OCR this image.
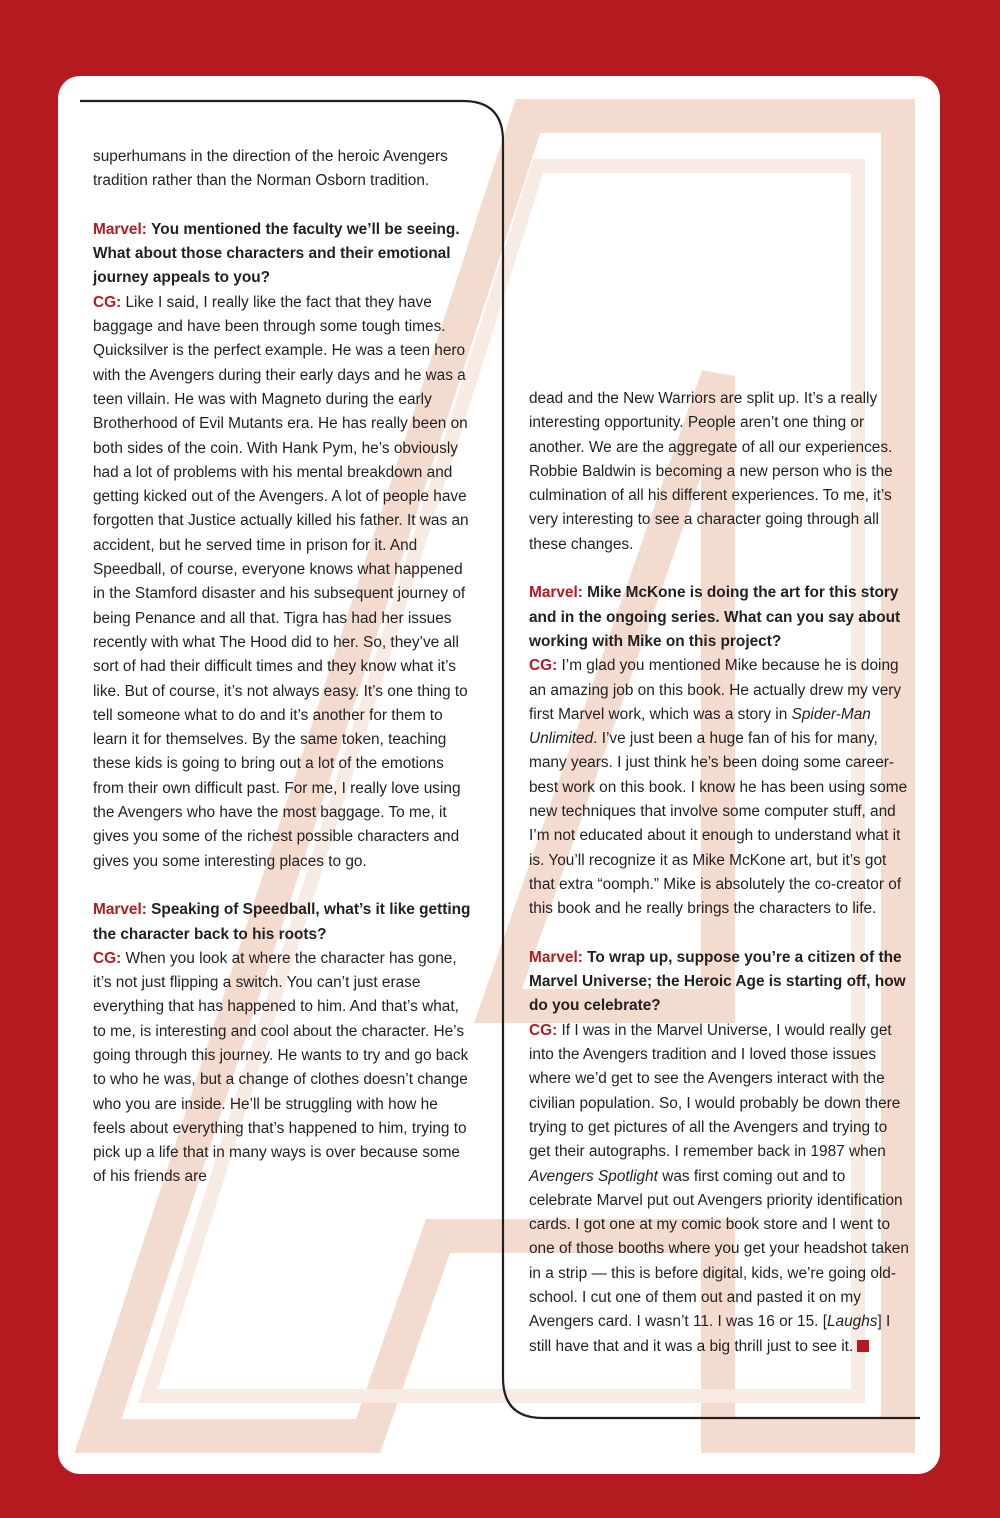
superhumans in the direction of the heroic Avengers tradition rather than the Norman Osborn tradition.

Marvel: You mentioned the faculty we’ll be seeing. What about those characters and their emotional journey appeals to you?
CG: Like I said, I really like the fact that they have baggage and have been through some tough times. Quicksilver is the perfect example. He was a teen hero with the Avengers during their early days and he was a teen villain. He was with Magneto during the early Brotherhood of Evil Mutants era. He has really been on both sides of the coin. With Hank Pym, he’s obviously had a lot of problems with his mental breakdown and getting kicked out of the Avengers. A lot of people have forgotten that Justice actually killed his father. It was an accident, but he served time in prison for it. And Speedball, of course, everyone knows what happened in the Stamford disaster and his subsequent journey of being Penance and all that. Tigra has had her issues recently with what The Hood did to her. So, they’ve all sort of had their difficult times and they know what it’s like. But of course, it’s not always easy. It’s one thing to tell someone what to do and it’s another for them to learn it for themselves. By the same token, teaching these kids is going to bring out a lot of the emotions from their own difficult past. For me, I really love using the Avengers who have the most baggage. To me, it gives you some of the richest possible characters and gives you some interesting places to go.

Marvel: Speaking of Speedball, what’s it like getting the character back to his roots?
CG: When you look at where the character has gone, it’s not just flipping a switch. You can’t just erase everything that has happened to him. And that’s what, to me, is interesting and cool about the character. He’s going through this journey. He wants to try and go back to who he was, but a change of clothes doesn’t change who you are inside. He’ll be struggling with how he feels about everything that’s happened to him, trying to pick up a life that in many ways is over because some of his friends are

dead and the New Warriors are split up. It’s a really interesting opportunity. People aren’t one thing or another. We are the aggregate of all our experiences. Robbie Baldwin is becoming a new person who is the culmination of all his different experiences. To me, it’s very interesting to see a character going through all these changes.

Marvel: Mike McKone is doing the art for this story and in the ongoing series. What can you say about working with Mike on this project?
CG: I’m glad you mentioned Mike because he is doing an amazing job on this book. He actually drew my very first Marvel work, which was a story in Spider-Man Unlimited. I’ve just been a huge fan of his for many, many years. I just think he’s been doing some career-best work on this book. I know he has been using some new techniques that involve some computer stuff, and I’m not educated about it enough to understand what it is. You’ll recognize it as Mike McKone art, but it’s got that extra “oomph.” Mike is absolutely the co-creator of this book and he really brings the characters to life.

Marvel: To wrap up, suppose you’re a citizen of the Marvel Universe; the Heroic Age is starting off, how do you celebrate?
CG: If I was in the Marvel Universe, I would really get into the Avengers tradition and I loved those issues where we’d get to see the Avengers interact with the civilian population. So, I would probably be down there trying to get pictures of all the Avengers and trying to get their autographs. I remember back in 1987 when Avengers Spotlight was first coming out and to celebrate Marvel put out Avengers priority identification cards. I got one at my comic book store and I went to one of those booths where you get your headshot taken in a strip — this is before digital, kids, we’re going old-school. I cut one of them out and pasted it on my Avengers card. I wasn’t 11. I was 16 or 15. [Laughs] I still have that and it was a big thrill just to see it.
